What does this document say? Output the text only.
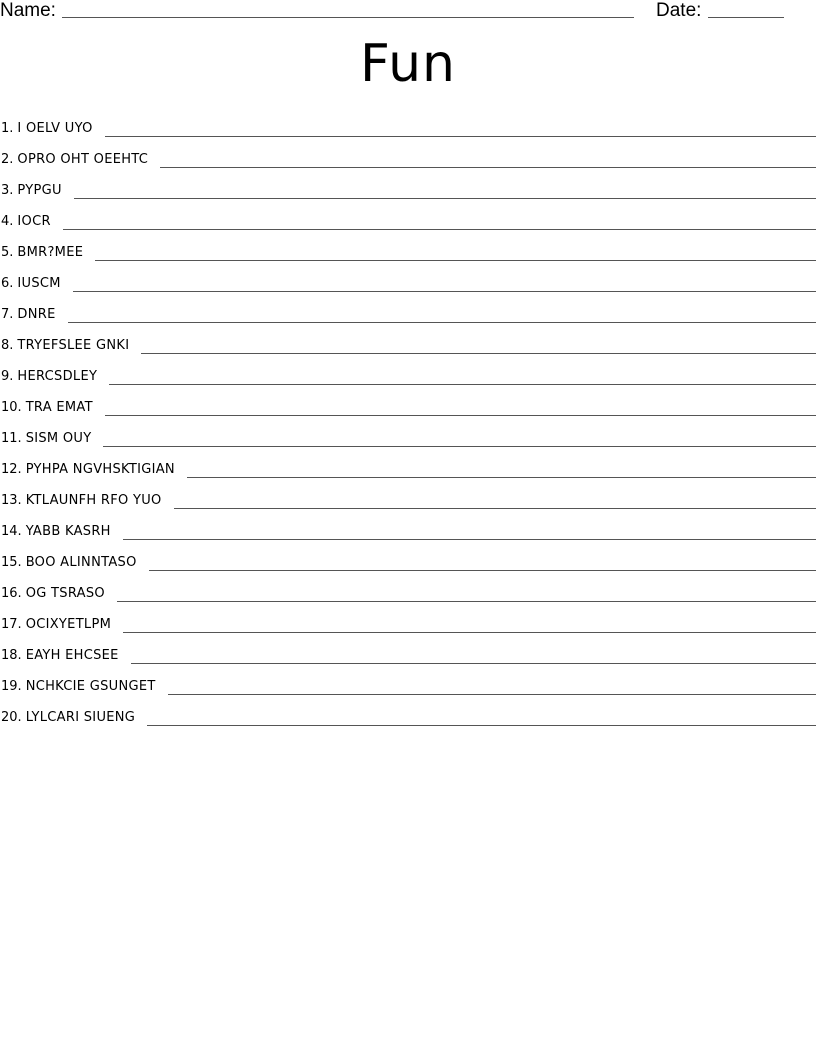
Name:	Date:
Fun
1. I OELV UYO
2. OPRO OHT OEEHTC
3. PYPGU
4. IOCR
5. BMR?MEE
6. IUSCM
7. DNRE
8. TRYEFSLEE GNKI
9. HERCSDLEY
10. TRA EMAT
11. SISM OUY
12. PYHPA NGVHSKTIGIAN
13. KTLAUNFH RFO YUO
14. YABB KASRH
15. BOO ALINNTASO
16. OG TSRASO
17. OCIXYETLPM
18. EAYH EHCSEE
19. NCHKCIE GSUNGET
20. LYLCARI SIUENG
